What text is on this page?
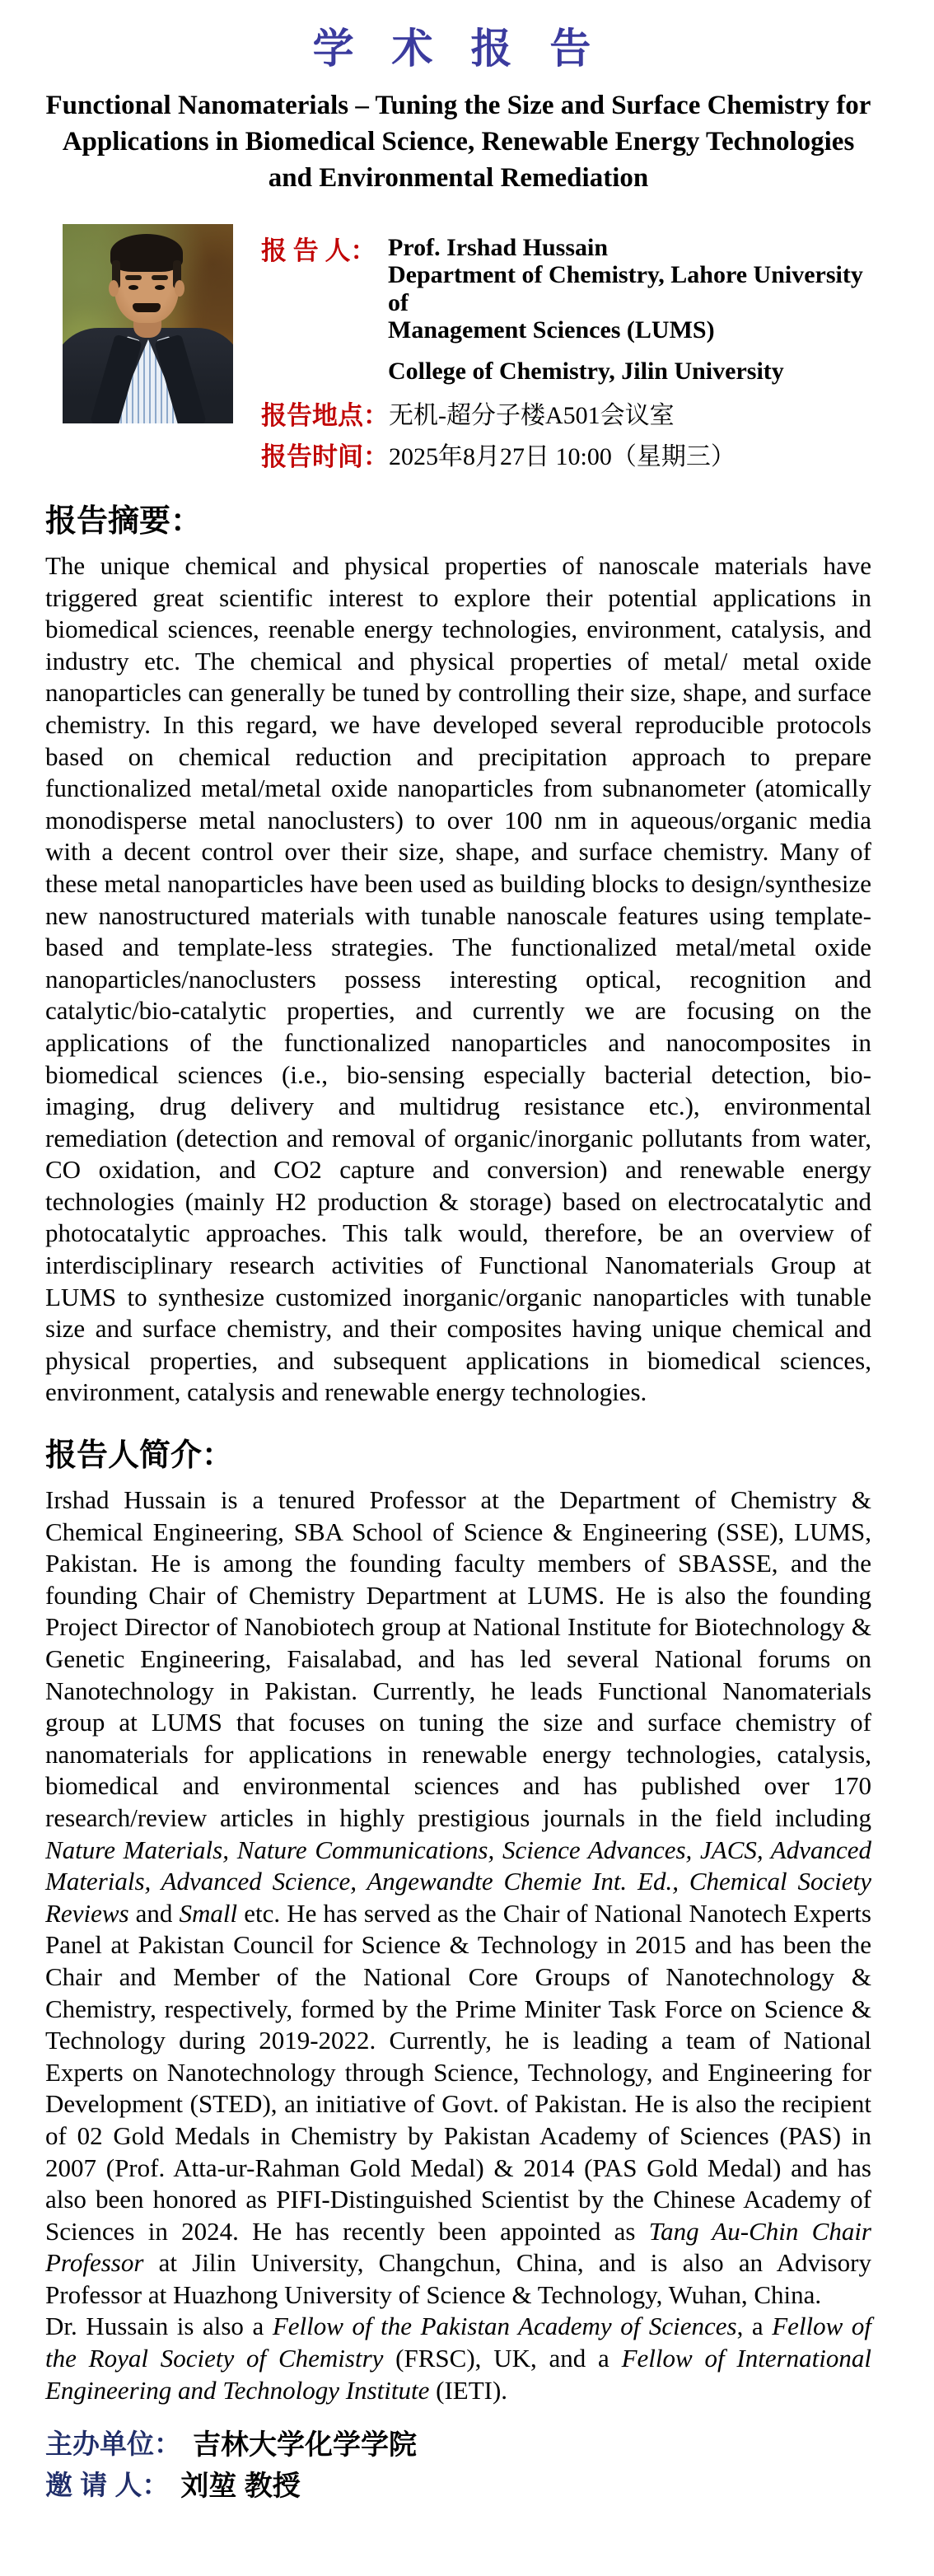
学 术 报 告
Functional Nanomaterials – Tuning the Size and Surface Chemistry for
Applications in Biomedical Science, Renewable Energy Technologies
and Environmental Remediation
报 告 人： Prof. Irshad Hussain
Department of Chemistry, Lahore University of
Management Sciences (LUMS)
College of Chemistry, Jilin University
报告地点： 无机-超分子楼A501会议室
报告时间： 2025年8月27日 10:00（星期三）
报告摘要：

The unique chemical and physical properties of nanoscale materials have triggered great scientific interest to explore their potential applications in biomedical sciences, reenable energy technologies, environment, catalysis, and industry etc. The chemical and physical properties of metal/ metal oxide nanoparticles can generally be tuned by controlling their size, shape, and surface chemistry. In this regard, we have developed several reproducible protocols based on chemical reduction and precipitation approach to prepare functionalized metal/metal oxide nanoparticles from subnanometer (atomically monodisperse metal nanoclusters) to over 100 nm in aqueous/organic media with a decent control over their size, shape, and surface chemistry. Many of these metal nanoparticles have been used as building blocks to design/synthesize new nanostructured materials with tunable nanoscale features using template-based and template-less strategies. The functionalized metal/metal oxide nanoparticles/nanoclusters possess interesting optical, recognition and catalytic/bio-catalytic properties, and currently we are focusing on the applications of the functionalized nanoparticles and nanocomposites in biomedical sciences (i.e., bio-sensing especially bacterial detection, bio-imaging, drug delivery and multidrug resistance etc.), environmental remediation (detection and removal of organic/inorganic pollutants from water, CO oxidation, and CO2 capture and conversion) and renewable energy technologies (mainly H2 production & storage) based on electrocatalytic and photocatalytic approaches. This talk would, therefore, be an overview of interdisciplinary research activities of Functional Nanomaterials Group at LUMS to synthesize customized inorganic/organic nanoparticles with tunable size and surface chemistry, and their composites having unique chemical and physical properties, and subsequent applications in biomedical sciences, environment, catalysis and renewable energy technologies.

报告人简介：

Irshad Hussain is a tenured Professor at the Department of Chemistry & Chemical Engineering, SBA School of Science & Engineering (SSE), LUMS, Pakistan. He is among the founding faculty members of SBASSE, and the founding Chair of Chemistry Department at LUMS. He is also the founding Project Director of Nanobiotech group at National Institute for Biotechnology & Genetic Engineering, Faisalabad, and has led several National forums on Nanotechnology in Pakistan. Currently, he leads Functional Nanomaterials group at LUMS that focuses on tuning the size and surface chemistry of nanomaterials for applications in renewable energy technologies, catalysis, biomedical and environmental sciences and has published over 170 research/review articles in highly prestigious journals in the field including Nature Materials, Nature Communications, Science Advances, JACS, Advanced Materials, Advanced Science, Angewandte Chemie Int. Ed., Chemical Society Reviews and Small etc. He has served as the Chair of National Nanotech Experts Panel at Pakistan Council for Science & Technology in 2015 and has been the Chair and Member of the National Core Groups of Nanotechnology & Chemistry, respectively, formed by the Prime Miniter Task Force on Science & Technology during 2019-2022. Currently, he is leading a team of National Experts on Nanotechnology through Science, Technology, and Engineering for Development (STED), an initiative of Govt. of Pakistan. He is also the recipient of 02 Gold Medals in Chemistry by Pakistan Academy of Sciences (PAS) in 2007 (Prof. Atta-ur-Rahman Gold Medal) & 2014 (PAS Gold Medal) and has also been honored as PIFI-Distinguished Scientist by the Chinese Academy of Sciences in 2024. He has recently been appointed as Tang Au-Chin Chair Professor at Jilin University, Changchun, China, and is also an Advisory Professor at Huazhong University of Science & Technology, Wuhan, China.

Dr. Hussain is also a Fellow of the Pakistan Academy of Sciences, a Fellow of the Royal Society of Chemistry (FRSC), UK, and a Fellow of International Engineering and Technology Institute (IETI).

主办单位： 吉林大学化学学院
邀 请 人： 刘堃 教授
